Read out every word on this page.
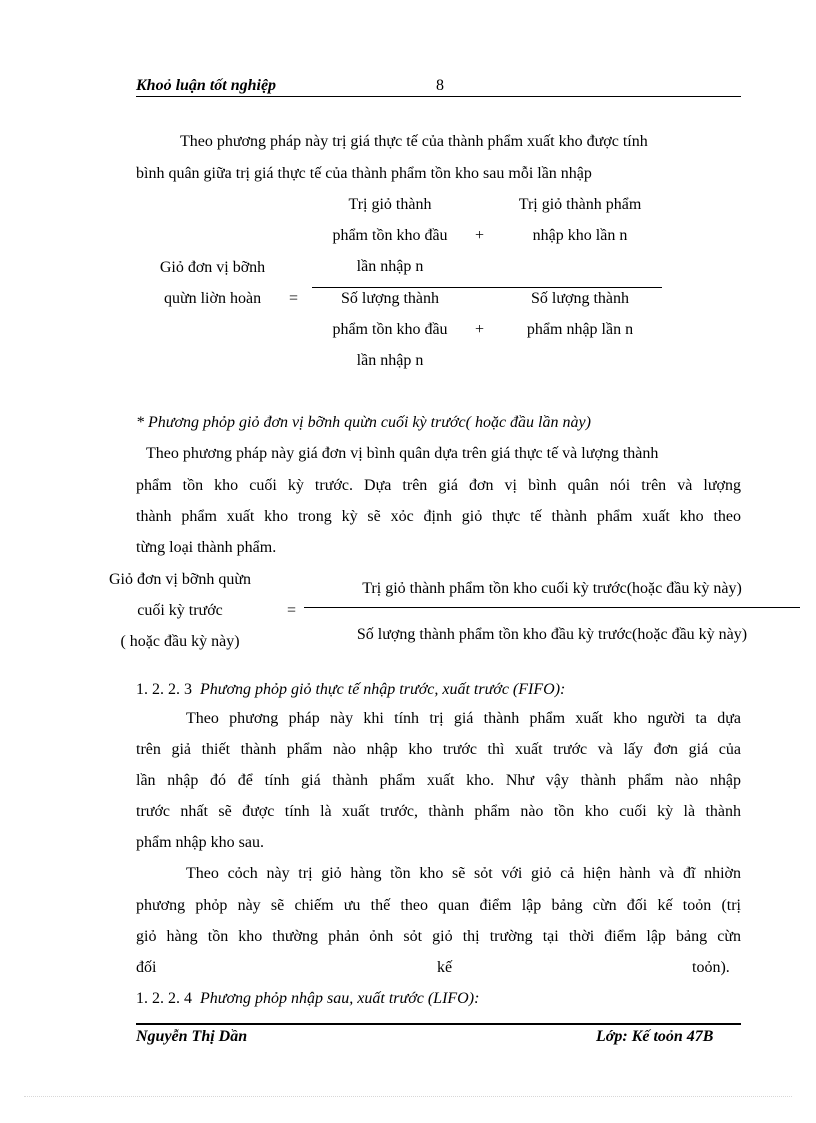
Khoỏ luận tốt nghiệp	8
Theo phương pháp này trị giá thực tế của thành phẩm xuất kho được tính
bình quân giữa trị giá thực tế của thành phẩm tồn kho sau mỗi lần nhập
Trị giỏ thành
phẩm tồn kho đầu
lần nhập n
+
Trị giỏ thành phẩm
nhập kho lần n
Giỏ đơn vị bỡnh
quừn liờn hoàn	=	Số lượng thành
phẩm tồn kho đầu
lần nhập n
+
Số lượng thành
phẩm nhập lần n
* Phương phỏp giỏ đơn vị bỡnh quừn cuối kỳ trước( hoặc đầu lần này)
Theo phương pháp này giá đơn vị bình quân dựa trên giá thực tế và lượng thành
phẩm tồn kho cuối kỳ trước. Dựa trên giá đơn vị bình quân nói trên và lượng
thành phẩm xuất kho trong kỳ sẽ xỏc định giỏ thực tế thành phẩm xuất kho theo
từng loại thành phẩm.
Giỏ đơn vị bỡnh quừn
cuối kỳ trước
( hoặc đầu kỳ này)
=
Trị giỏ thành phẩm tồn kho cuối kỳ trước(hoặc đầu kỳ này)
Số lượng thành phẩm tồn kho đầu kỳ trước(hoặc đầu kỳ này)
1. 2. 2. 3 Phương phỏp giỏ thực tế nhập trước, xuất trước (FIFO):
Theo phương pháp này khi tính trị giá thành phẩm xuất kho người ta dựa
trên giả thiết thành phẩm nào nhập kho trước thì xuất trước và lấy đơn giá của
lần nhập đó để tính giá thành phẩm xuất kho. Như vậy thành phẩm nào nhập
trước nhất sẽ được tính là xuất trước, thành phẩm nào tồn kho cuối kỳ là thành
phẩm nhập kho sau.
Theo cỏch này trị giỏ hàng tồn kho sẽ sỏt với giỏ cả hiện hành và đĩ nhiờn
phương phỏp này sẽ chiếm ưu thế theo quan điểm lập bảng cừn đối kế toỏn (trị
giỏ hàng tồn kho thường phản ỏnh sỏt giỏ thị trường tại thời điểm lập bảng cừn
đối	kế	toỏn).
1. 2. 2. 4 Phương phỏp nhập sau, xuất trước (LIFO):
Nguyễn Thị Dần	Lớp: Kế toỏn 47B
